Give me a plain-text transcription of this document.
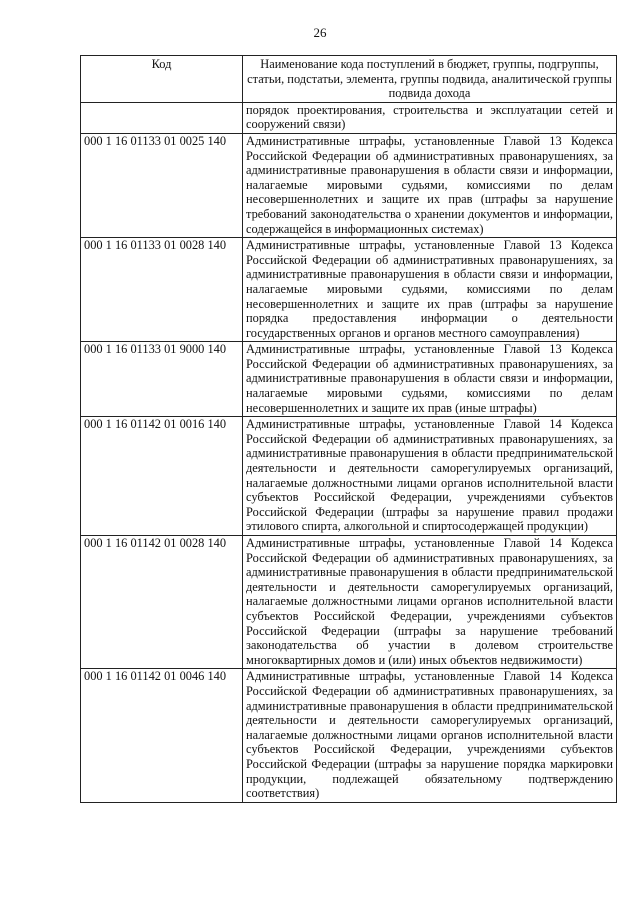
26
Код	Наименование кода поступлений в бюджет, группы, подгруппы, статьи, подстатьи, элемента, группы подвида, аналитической группы подвида дохода
	порядок проектирования, строительства и эксплуатации сетей и сооружений связи)
000 1 16 01133 01 0025 140	Административные штрафы, установленные Главой 13 Кодекса Российской Федерации об административных правонарушениях, за административные правонарушения в области связи и информации, налагаемые мировыми судьями, комиссиями по делам несовершеннолетних и защите их прав (штрафы за нарушение требований законодательства о хранении документов и информации, содержащейся в информационных системах)
000 1 16 01133 01 0028 140	Административные штрафы, установленные Главой 13 Кодекса Российской Федерации об административных правонарушениях, за административные правонарушения в области связи и информации, налагаемые мировыми судьями, комиссиями по делам несовершеннолетних и защите их прав (штрафы за нарушение порядка предоставления информации о деятельности государственных органов и органов местного самоуправления)
000 1 16 01133 01 9000 140	Административные штрафы, установленные Главой 13 Кодекса Российской Федерации об административных правонарушениях, за административные правонарушения в области связи и информации, налагаемые мировыми судьями, комиссиями по делам несовершеннолетних и защите их прав (иные штрафы)
000 1 16 01142 01 0016 140	Административные штрафы, установленные Главой 14 Кодекса Российской Федерации об административных правонарушениях, за административные правонарушения в области предпринимательской деятельности и деятельности саморегулируемых организаций, налагаемые должностными лицами органов исполнительной власти субъектов Российской Федерации, учреждениями субъектов Российской Федерации (штрафы за нарушение правил продажи этилового спирта, алкогольной и спиртосодержащей продукции)
000 1 16 01142 01 0028 140	Административные штрафы, установленные Главой 14 Кодекса Российской Федерации об административных правонарушениях, за административные правонарушения в области предпринимательской деятельности и деятельности саморегулируемых организаций, налагаемые должностными лицами органов исполнительной власти субъектов Российской Федерации, учреждениями субъектов Российской Федерации (штрафы за нарушение требований законодательства об участии в долевом строительстве многоквартирных домов и (или) иных объектов недвижимости)
000 1 16 01142 01 0046 140	Административные штрафы, установленные Главой 14 Кодекса Российской Федерации об административных правонарушениях, за административные правонарушения в области предпринимательской деятельности и деятельности саморегулируемых организаций, налагаемые должностными лицами органов исполнительной власти субъектов Российской Федерации, учреждениями субъектов Российской Федерации (штрафы за нарушение порядка маркировки продукции, подлежащей обязательному подтверждению соответствия)
